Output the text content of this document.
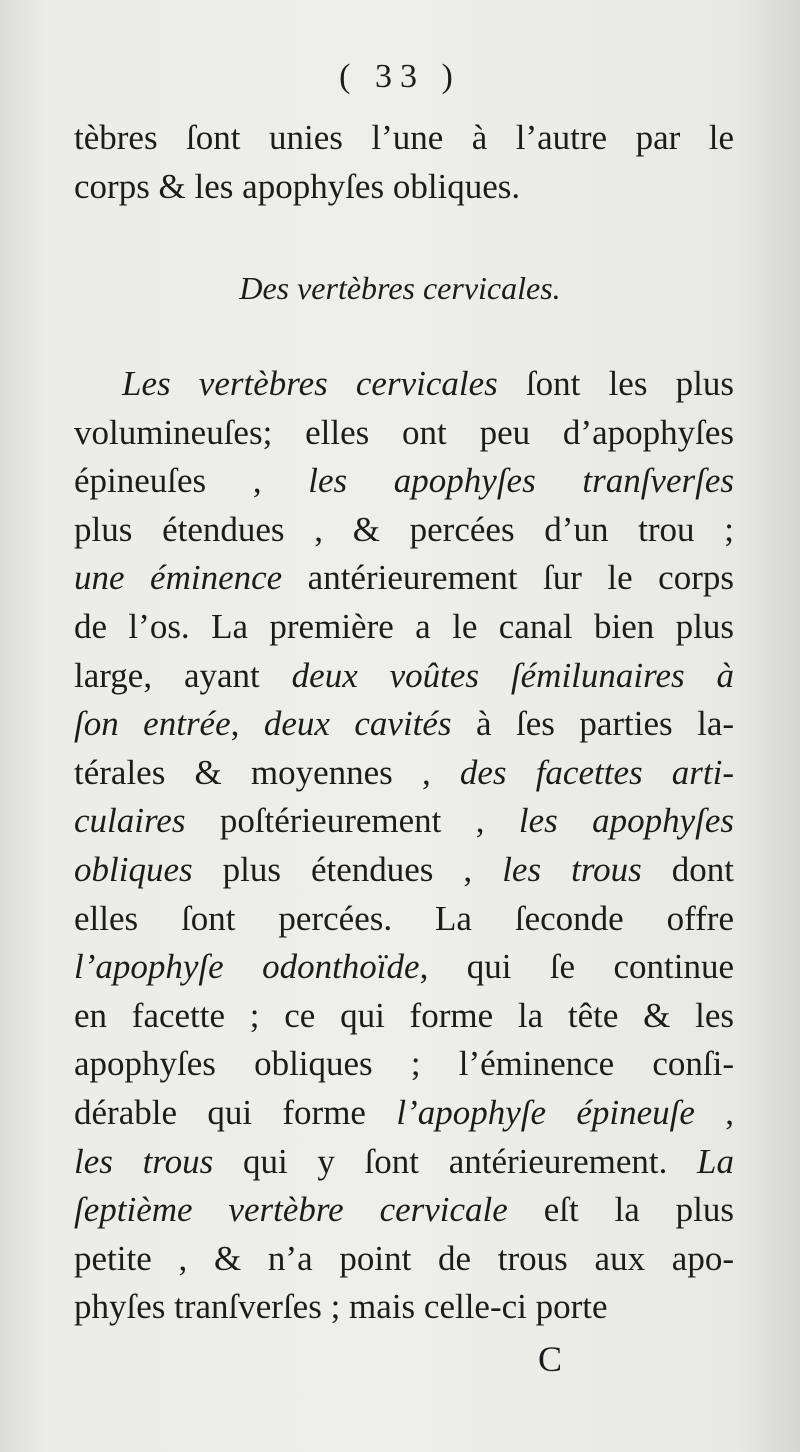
( 33 )
tèbres ſont unies l’une à l’autre par le
corps & les apophyſes obliques.
Des vertèbres cervicales.
Les vertèbres cervicales ſont les plus
volumineuſes; elles ont peu d’apophyſes
épineuſes , les apophyſes tranſverſes
plus étendues , & percées d’un trou ;
une éminence antérieurement ſur le corps
de l’os. La première a le canal bien plus
large, ayant deux voûtes ſémilunaires à
ſon entrée, deux cavités à ſes parties la-
térales & moyennes , des facettes arti-
culaires poſtérieurement , les apophyſes
obliques plus étendues , les trous dont
elles ſont percées. La ſeconde offre
l’apophyſe odonthoïde, qui ſe continue
en facette ; ce qui forme la tête & les
apophyſes obliques ; l’éminence conſi-
dérable qui forme l’apophyſe épineuſe ,
les trous qui y ſont antérieurement. La
ſeptième vertèbre cervicale eſt la plus
petite , & n’a point de trous aux apo-
phyſes tranſverſes ; mais celle-ci porte
C
